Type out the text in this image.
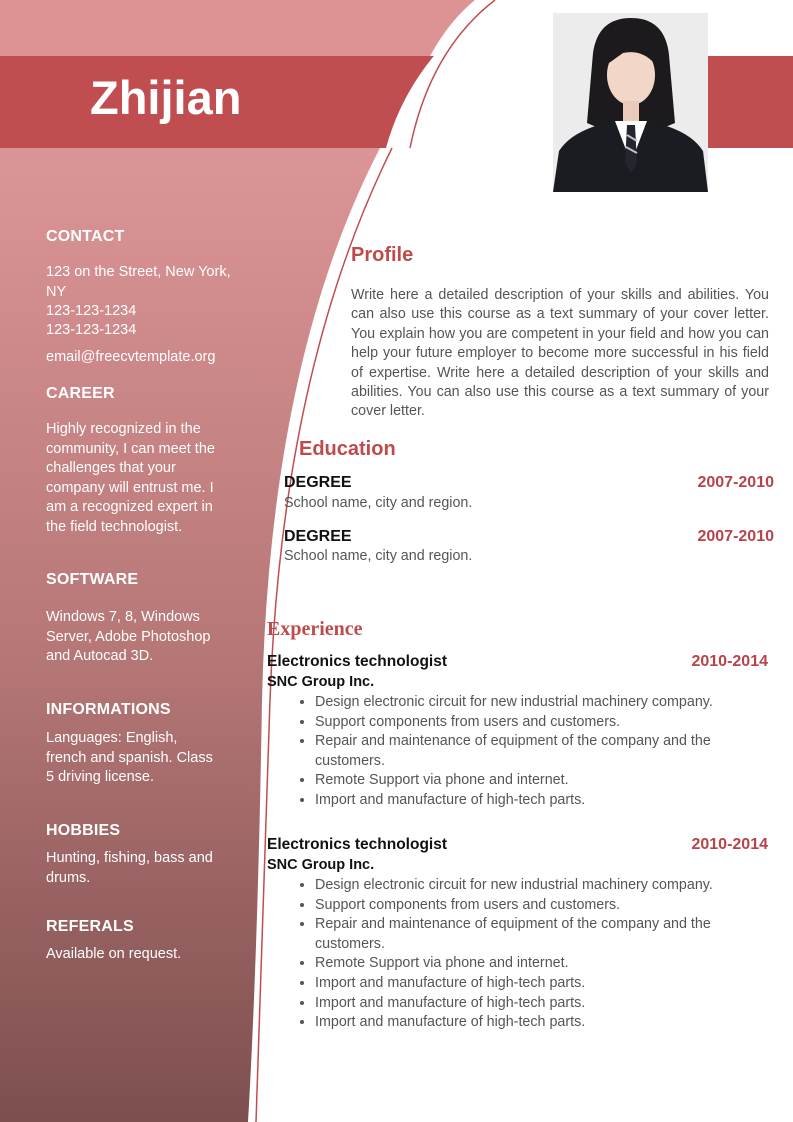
Zhijian
CONTACT
123 on the Street, New York, NY
123-123-1234
123-123-1234
email@freecvtemplate.org
CAREER
Highly recognized in the community, I can meet the challenges that your company will entrust me. I am a recognized expert in the field technologist.
SOFTWARE
Windows 7, 8, Windows Server, Adobe Photoshop and Autocad 3D.
INFORMATIONS
Languages: English, french and spanish. Class 5 driving license.
HOBBIES
Hunting, fishing, bass and drums.
REFERALS
Available on request.
Profile
Write here a detailed description of your skills and abilities. You can also use this course as a text summary of your cover letter. You explain how you are competent in your field and how you can help your future employer to become more successful in his field of expertise. Write here a detailed description of your skills and abilities. You can also use this course as a text summary of your cover letter.
Education
DEGREE	2007-2010
School name, city and region.
DEGREE	2007-2010
School name, city and region.
Experience
Electronics technologist	2010-2014
SNC Group Inc.
• Design electronic circuit for new industrial machinery company.
• Support components from users and customers.
• Repair and maintenance of equipment of the company and the customers.
• Remote Support via phone and internet.
• Import and manufacture of high-tech parts.
Electronics technologist	2010-2014
SNC Group Inc.
• Design electronic circuit for new industrial machinery company.
• Support components from users and customers.
• Repair and maintenance of equipment of the company and the customers.
• Remote Support via phone and internet.
• Import and manufacture of high-tech parts.
• Import and manufacture of high-tech parts.
• Import and manufacture of high-tech parts.
